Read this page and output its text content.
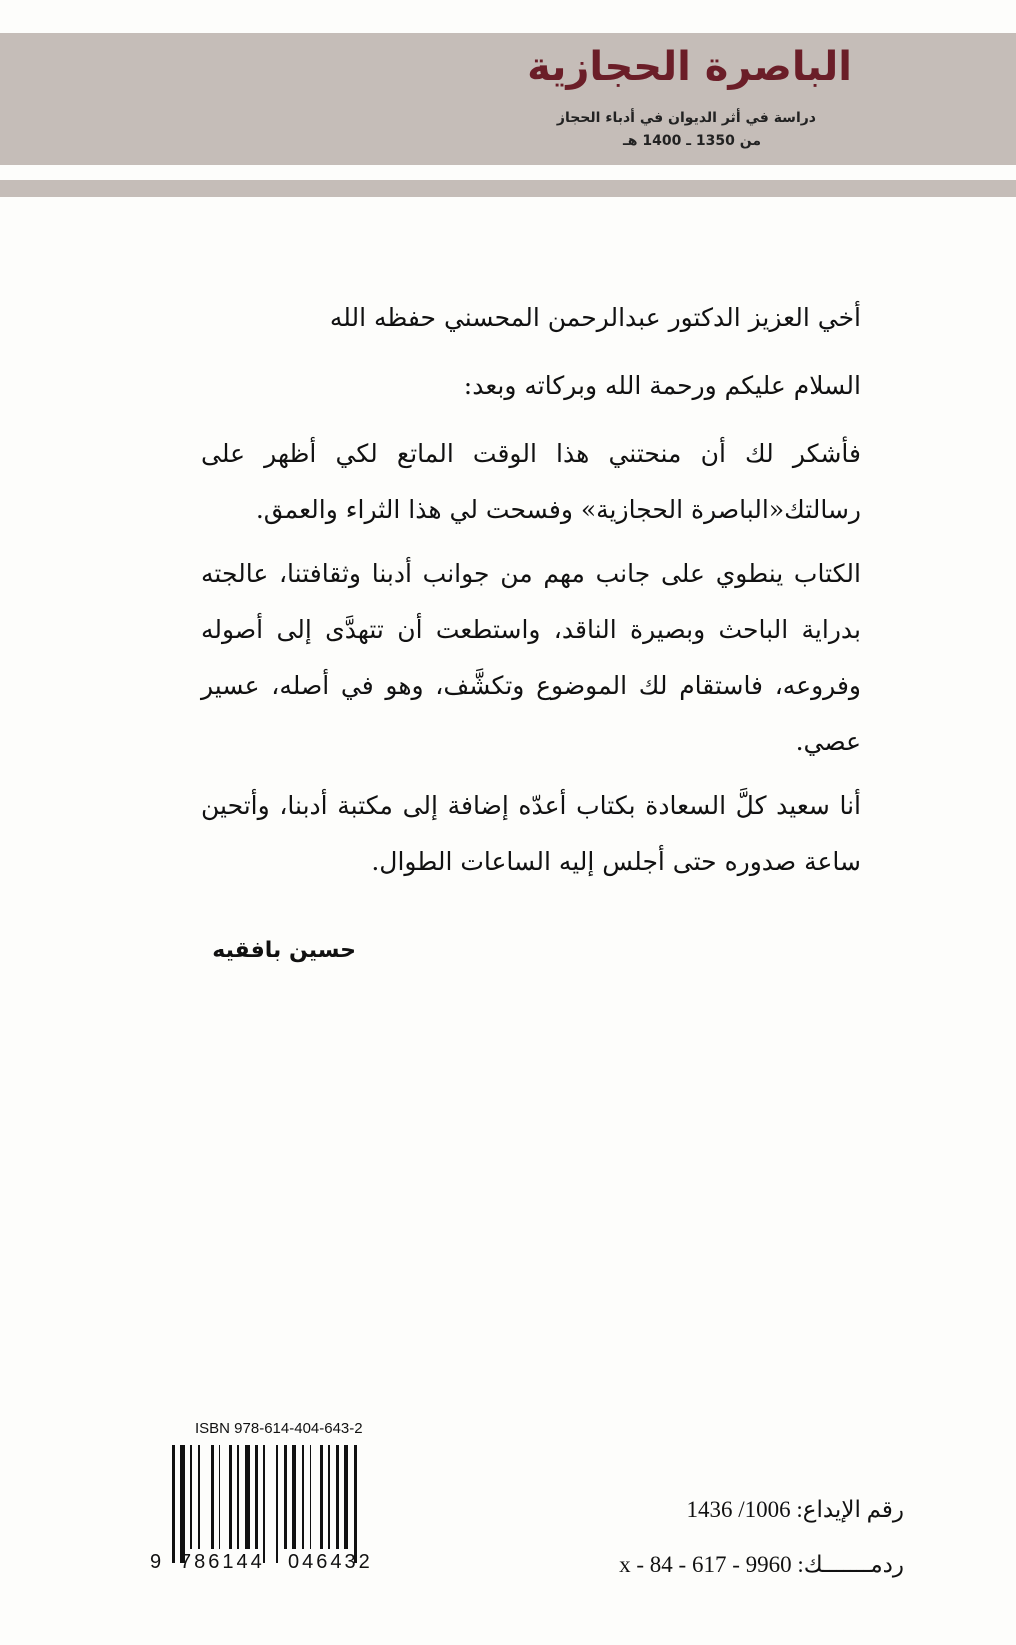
الباصرة الحجازية
دراسة في أثر الديوان في أدباء الحجاز
من 1350 ـ 1400 هـ

أخي العزيز الدكتور عبدالرحمن المحسني حفظه الله

السلام عليكم ورحمة الله وبركاته وبعد:

فأشكر لك أن منحتني هذا الوقت الماتع لكي أظهر على رسالتك«الباصرة الحجازية» وفسحت لي هذا الثراء والعمق.

الكتاب ينطوي على جانب مهم من جوانب أدبنا وثقافتنا، عالجته بدراية الباحث وبصيرة الناقد، واستطعت أن تتهدَّى إلى أصوله وفروعه، فاستقام لك الموضوع وتكشَّف، وهو في أصله، عسير عصي.

أنا سعيد كلَّ السعادة بكتاب أعدّه إضافة إلى مكتبة أدبنا، وأتحين ساعة صدوره حتى أجلس إليه الساعات الطوال.

حسين بافقيه
ISBN 978-614-404-643-2
9 786144 046432
رقم الإيداع: 1006/ 1436
ردمـــــــك: 9960 - 617 - 84 - x
